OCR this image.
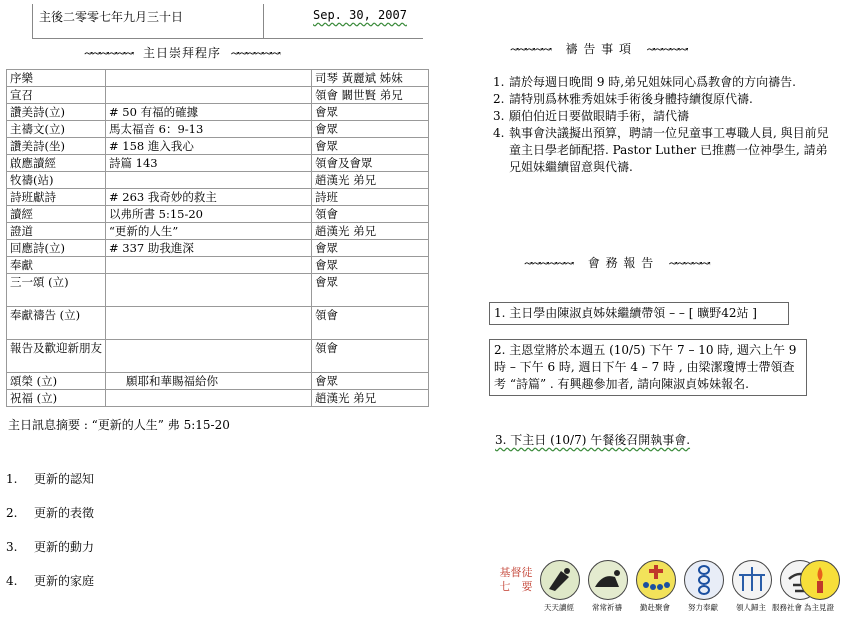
主後二零零七年九月三十日	Sep. 30, 2007
↝↝↝↝↝↝ 主日崇拜程序 ↝↝↝↝↝↝
序樂		司琴 黃麗斌 姊妹
宣召		領會 闞世賢 弟兄
讚美詩(立)	# 50 有福的確據	會眾
主禱文(立)	馬太福音 6：9-13	會眾
讚美詩(坐)	# 158 進入我心	會眾
啟應讀經	詩篇 143	領會及會眾
牧禱(站)		趙漢光 弟兄
詩班獻詩	# 263 我奇妙的救主	詩班
讀經	以弗所書 5:15-20	領會
證道	“更新的人生”	趙漢光 弟兄
回應詩(立)	# 337 助我進深	會眾
奉獻		會眾
三一頌 (立)		會眾
奉獻禱告 (立)		領會
報告及歡迎新朋友		領會
頌榮 (立)	願耶和華賜福給你	會眾
祝福 (立)		趙漢光 弟兄
主日訊息摘要 : “更新的人生” 弗 5:15-20
1. 更新的認知
2. 更新的表徵
3. 更新的動力
4. 更新的家庭
↝↝↝↝↝ 禱 告 事 項 ↝↝↝↝↝
1. 請於每週日晚間 9 時,弟兄姐妹同心爲教會的方向禱告.
2. 請特別爲林雅秀姐妹手術後身體持續復原代禱.
3. 願伯伯近日要做眼睛手術，請代禱
4. 執事會決議擬出預算，聘請一位兒童事工專職人員, 與目前兒童主日學老師配搭. Pastor Luther 已推薦一位神學生, 請弟兄姐妹繼續留意與代禱.
↝↝↝↝↝↝ 會 務 報 告 ↝↝↝↝↝
1. 主日學由陳淑貞姊妹繼續帶領 – – [ 曠野42站 ]
2. 主恩堂將於本週五 (10/5) 下午 7 – 10 時, 週六上午 9 時 – 下午 6 時, 週日下午 4 – 7 時 , 由梁潔瓊博士帶領查考 “詩篇” . 有興趣參加者, 請向陳淑貞姊妹報名.
3. 下主日 (10/7) 午餐後召開執事會.
基督徒
七　要
天天讀經	常常祈禱	勤赴聚會	努力奉獻	領人歸主 服務社會 為主見證
